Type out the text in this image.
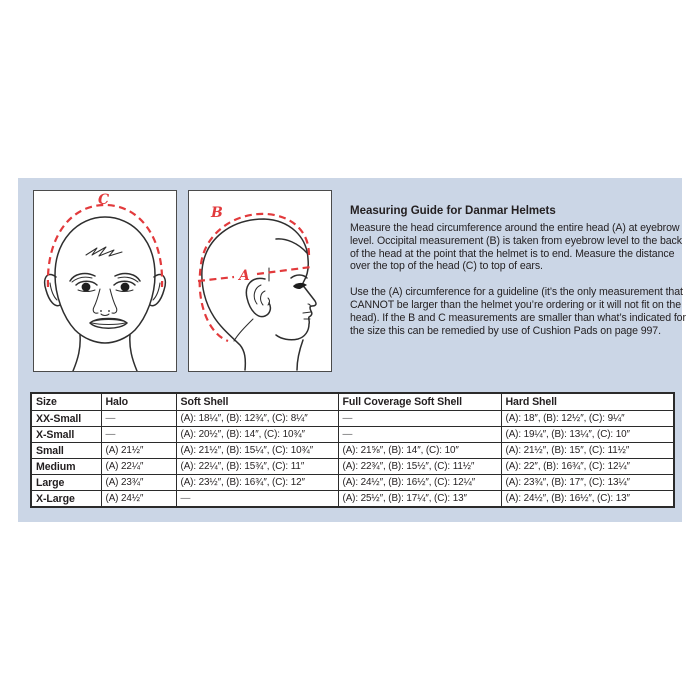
C
A
B	Measuring Guide for Danmar Helmets

Measure the head circumference around the entire head (A) at eyebrow level. Occipital measurement (B) is taken from eyebrow level to the back of the head at the point that the helmet is to end. Measure the distance over the top of the head (C) to top of ears.

Use the (A) circumference for a guideline (it’s the only measurement that CANNOT be larger than the helmet you’re ordering or it will not fit on the head). If the B and C measurements are smaller than what’s indicated for the size this can be remedied by use of Cushion Pads on page 997.

Size	Halo	Soft Shell	Full Coverage Soft Shell	Hard Shell
XX-Small	—	(A): 18¼″, (B): 12¾″, (C): 8¼″	—	(A): 18″, (B): 12½″, (C): 9¼″
X-Small	—	(A): 20½″, (B): 14″, (C): 10¾″	—	(A): 19¼″, (B): 13¼″, (C): 10″
Small	(A) 21½″	(A): 21½″, (B): 15¼″, (C): 10¾″	(A): 21⅝″, (B): 14″, (C): 10″	(A): 21½″, (B): 15″, (C): 11½″
Medium	(A) 22¼″	(A): 22¼″, (B): 15¾″, (C): 11″	(A): 22¾″, (B): 15½″, (C): 11½″	(A): 22″, (B): 16¾″, (C): 12¼″
Large	(A) 23¾″	(A): 23½″, (B): 16¾″, (C): 12″	(A): 24½″, (B): 16½″, (C): 12¼″	(A): 23¾″, (B): 17″, (C): 13¼″
X-Large	(A) 24½″	—	(A): 25½″, (B): 17¼″, (C): 13″	(A): 24½″, (B): 16½″, (C): 13″
